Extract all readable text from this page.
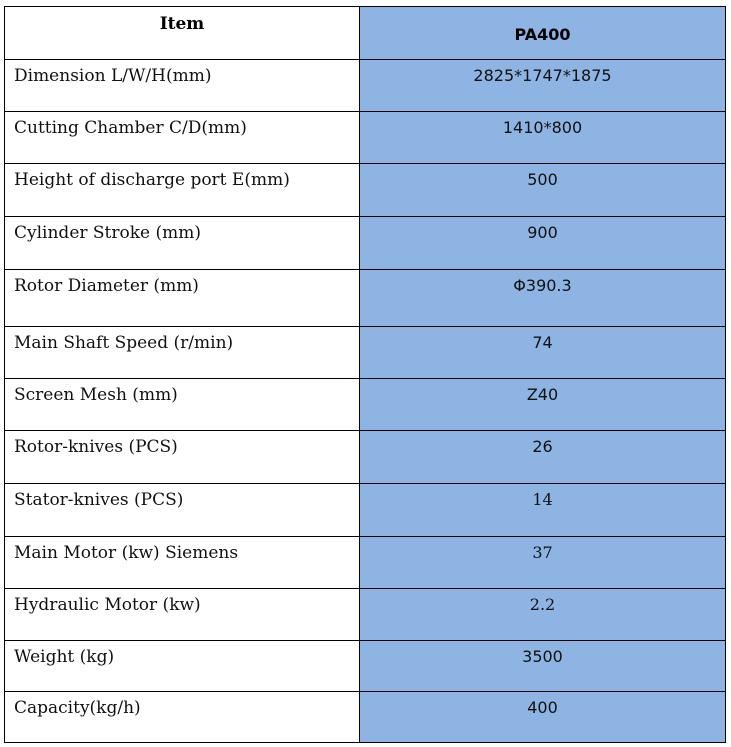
Item	PA400
Dimension L/W/H(mm)	2825*1747*1875
Cutting Chamber C/D(mm)	1410*800
Height of discharge port E(mm)	500
Cylinder Stroke (mm)	900
Rotor Diameter (mm)	Φ390.3
Main Shaft Speed (r/min)	74
Screen Mesh (mm)	Z40
Rotor-knives (PCS)	26
Stator-knives (PCS)	14
Main Motor (kw) Siemens	37
Hydraulic Motor (kw)	2.2
Weight (kg)	3500
Capacity(kg/h)	400
